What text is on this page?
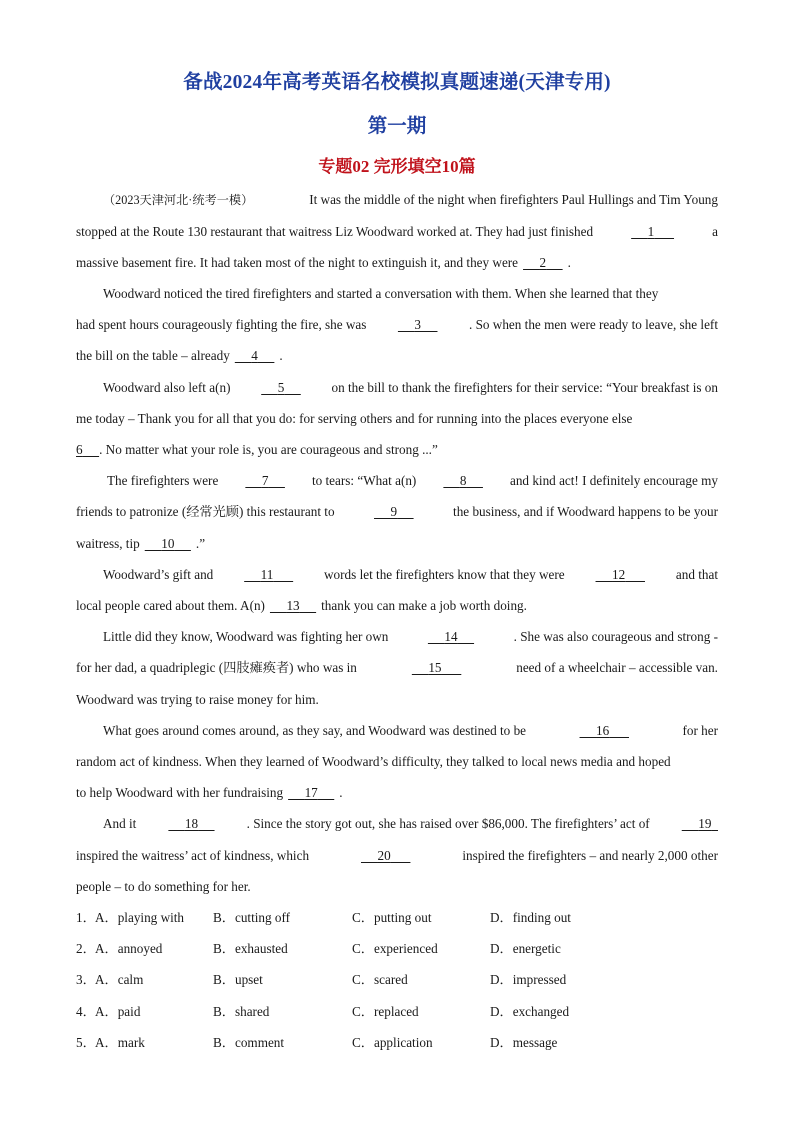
备战2024年高考英语名校模拟真题速递(天津专用)
第一期
专题02 完形填空10篇
（2023天津河北·统考一模）	It was the middle of the night when firefighters Paul Hullings and Tim Young
stopped at the Route 130 restaurant that waitress Liz Woodward worked at. They had just finished	1	a
massive basement fire. It had taken most of the night to extinguish it, and they were	2	.
Woodward noticed the tired firefighters and started a conversation with them. When she learned that they
had spent hours courageously fighting the fire, she was	3	. So when the men were ready to leave, she left
the bill on the table – already	4	.
Woodward also left a(n)	5	on the bill to thank the firefighters for their service: “Your breakfast is on
me today – Thank you for all that you do: for serving others and for running into the places everyone else
6	. No matter what your role is, you are courageous and strong ...”
The firefighters were	7	to tears: “What a(n)	8	and kind act! I definitely encourage my
friends to patronize (经常光顾) this restaurant to	9	the business, and if Woodward happens to be your
waitress, tip	10	.”
Woodward’s gift and	11	words let the firefighters know that they were	12	and that
local people cared about them. A(n)	13	thank you can make a job worth doing.
Little did they know, Woodward was fighting her own	14	. She was also courageous and strong -
for her dad, a quadriplegic (四肢瘫痪者) who was in	15	need of a wheelchair – accessible van.
Woodward was trying to raise money for him.
What goes around comes around, as they say, and Woodward was destined to be	16	for her
random act of kindness. When they learned of Woodward’s difficulty, they talked to local news media and hoped
to help Woodward with her fundraising	17	.
And it	18	. Since the story got out, she has raised over $86,000. The firefighters’ act of	19
inspired the waitress’ act of kindness, which	20	inspired the firefighters – and nearly 2,000 other
people – to do something for her.
1． A．playing with B．cutting off	C．putting out	D．finding out
2． A．annoyed	B．exhausted	C．experienced	D．energetic
3． A．calm	B．upset	C．scared	D．impressed
4． A．paid	B．shared	C．replaced	D．exchanged
5． A．mark	B．comment	C．application	D．message
